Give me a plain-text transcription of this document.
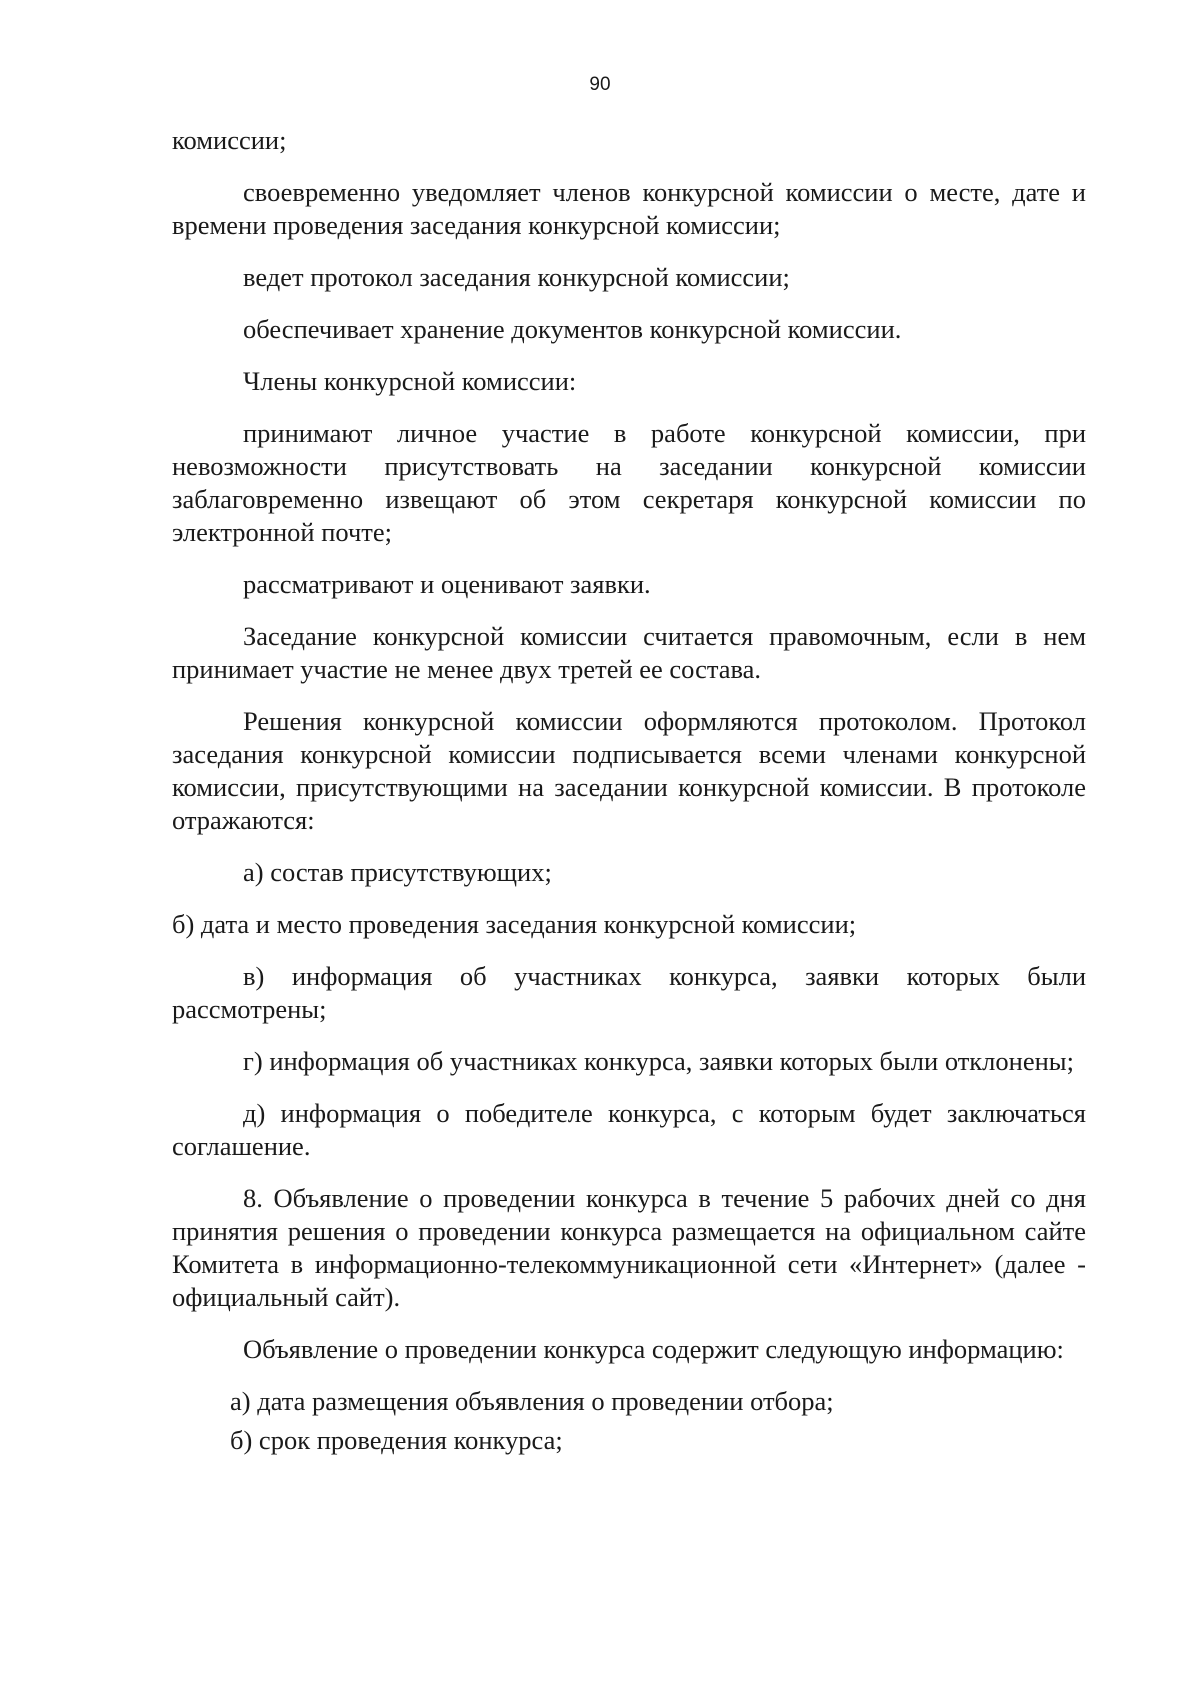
90

комиссии;

своевременно уведомляет членов конкурсной комиссии о месте, дате и времени проведения заседания конкурсной комиссии;

ведет протокол заседания конкурсной комиссии;

обеспечивает хранение документов конкурсной комиссии.

Члены конкурсной комиссии:

принимают личное участие в работе конкурсной комиссии, при невозможности присутствовать на заседании конкурсной комиссии заблаговременно извещают об этом секретаря конкурсной комиссии по электронной почте;

рассматривают и оценивают заявки.

Заседание конкурсной комиссии считается правомочным, если в нем принимает участие не менее двух третей ее состава.

Решения конкурсной комиссии оформляются протоколом. Протокол заседания конкурсной комиссии подписывается всеми членами конкурсной комиссии, присутствующими на заседании конкурсной комиссии. В протоколе отражаются:

а) состав присутствующих;

б) дата и место проведения заседания конкурсной комиссии;

в) информация об участниках конкурса, заявки которых были рассмотрены;

г) информация об участниках конкурса, заявки которых были отклонены;

д) информация о победителе конкурса, с которым будет заключаться соглашение.

8. Объявление о проведении конкурса в течение 5 рабочих дней со дня принятия решения о проведении конкурса размещается на официальном сайте Комитета в информационно-телекоммуникационной сети «Интернет» (далее - официальный сайт).

Объявление о проведении конкурса содержит следующую информацию:

а) дата размещения объявления о проведении отбора;

б) срок проведения конкурса;
